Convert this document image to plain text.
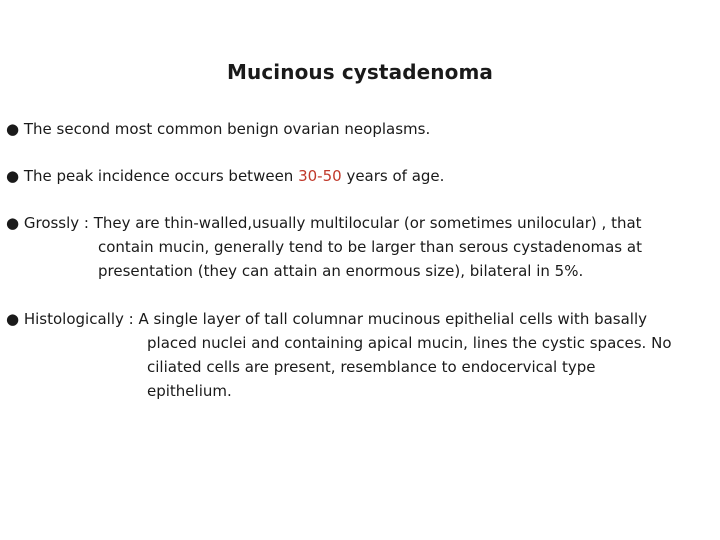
Mucinous cystadenoma
● The second most common benign ovarian neoplasms.
● The peak incidence occurs between 30-50 years of age.
● Grossly : They are thin-walled,usually multilocular (or sometimes unilocular) , that
contain mucin, generally tend to be larger than serous cystadenomas at
presentation (they can attain an enormous size), bilateral in 5%.
● Histologically : A single layer of tall columnar mucinous epithelial cells with basally
placed nuclei and containing apical mucin, lines the cystic spaces. No
ciliated cells are present, resemblance to endocervical type
epithelium.
